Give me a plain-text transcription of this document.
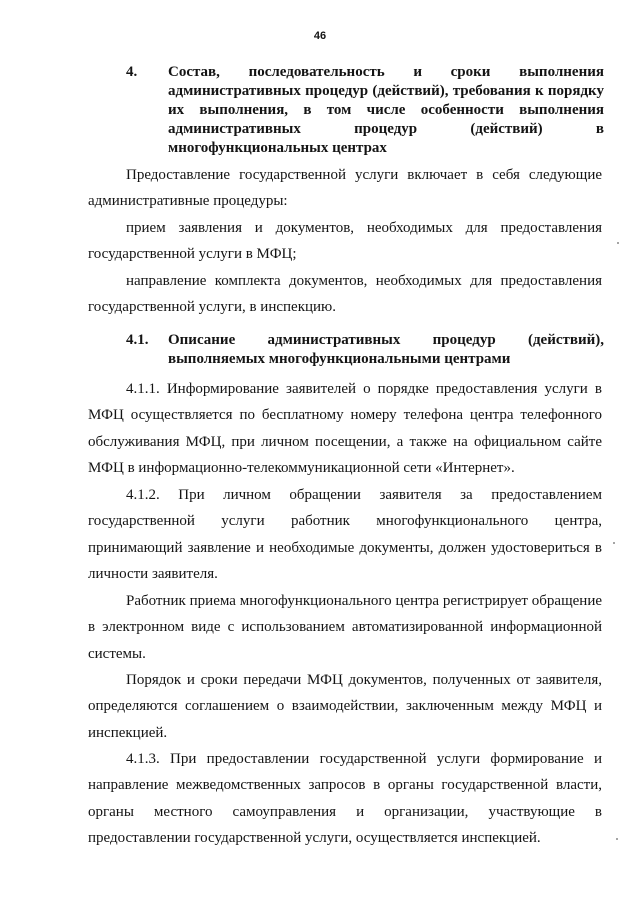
46
4. Состав, последовательность и сроки выполнения административных процедур (действий), требования к порядку их выполнения, в том числе особенности выполнения административных процедур (действий) в многофункциональных центрах

Предоставление государственной услуги включает в себя следующие административные процедуры:

прием заявления и документов, необходимых для предоставления государственной услуги в МФЦ;

направление комплекта документов, необходимых для предоставления государственной услуги, в инспекцию.

4.1. Описание административных процедур (действий), выполняемых многофункциональными центрами

4.1.1. Информирование заявителей о порядке предоставления услуги в МФЦ осуществляется по бесплатному номеру телефона центра телефонного обслуживания МФЦ, при личном посещении, а также на официальном сайте МФЦ в информационно-телекоммуникационной сети «Интернет».

4.1.2. При личном обращении заявителя за предоставлением государственной услуги работник многофункционального центра, принимающий заявление и необходимые документы, должен удостовериться в личности заявителя.

Работник приема многофункционального центра регистрирует обращение в электронном виде с использованием автоматизированной информационной системы.

Порядок и сроки передачи МФЦ документов, полученных от заявителя, определяются соглашением о взаимодействии, заключенным между МФЦ и инспекцией.

4.1.3. При предоставлении государственной услуги формирование и направление межведомственных запросов в органы государственной власти, органы местного самоуправления и организации, участвующие в предоставлении государственной услуги, осуществляется инспекцией.
